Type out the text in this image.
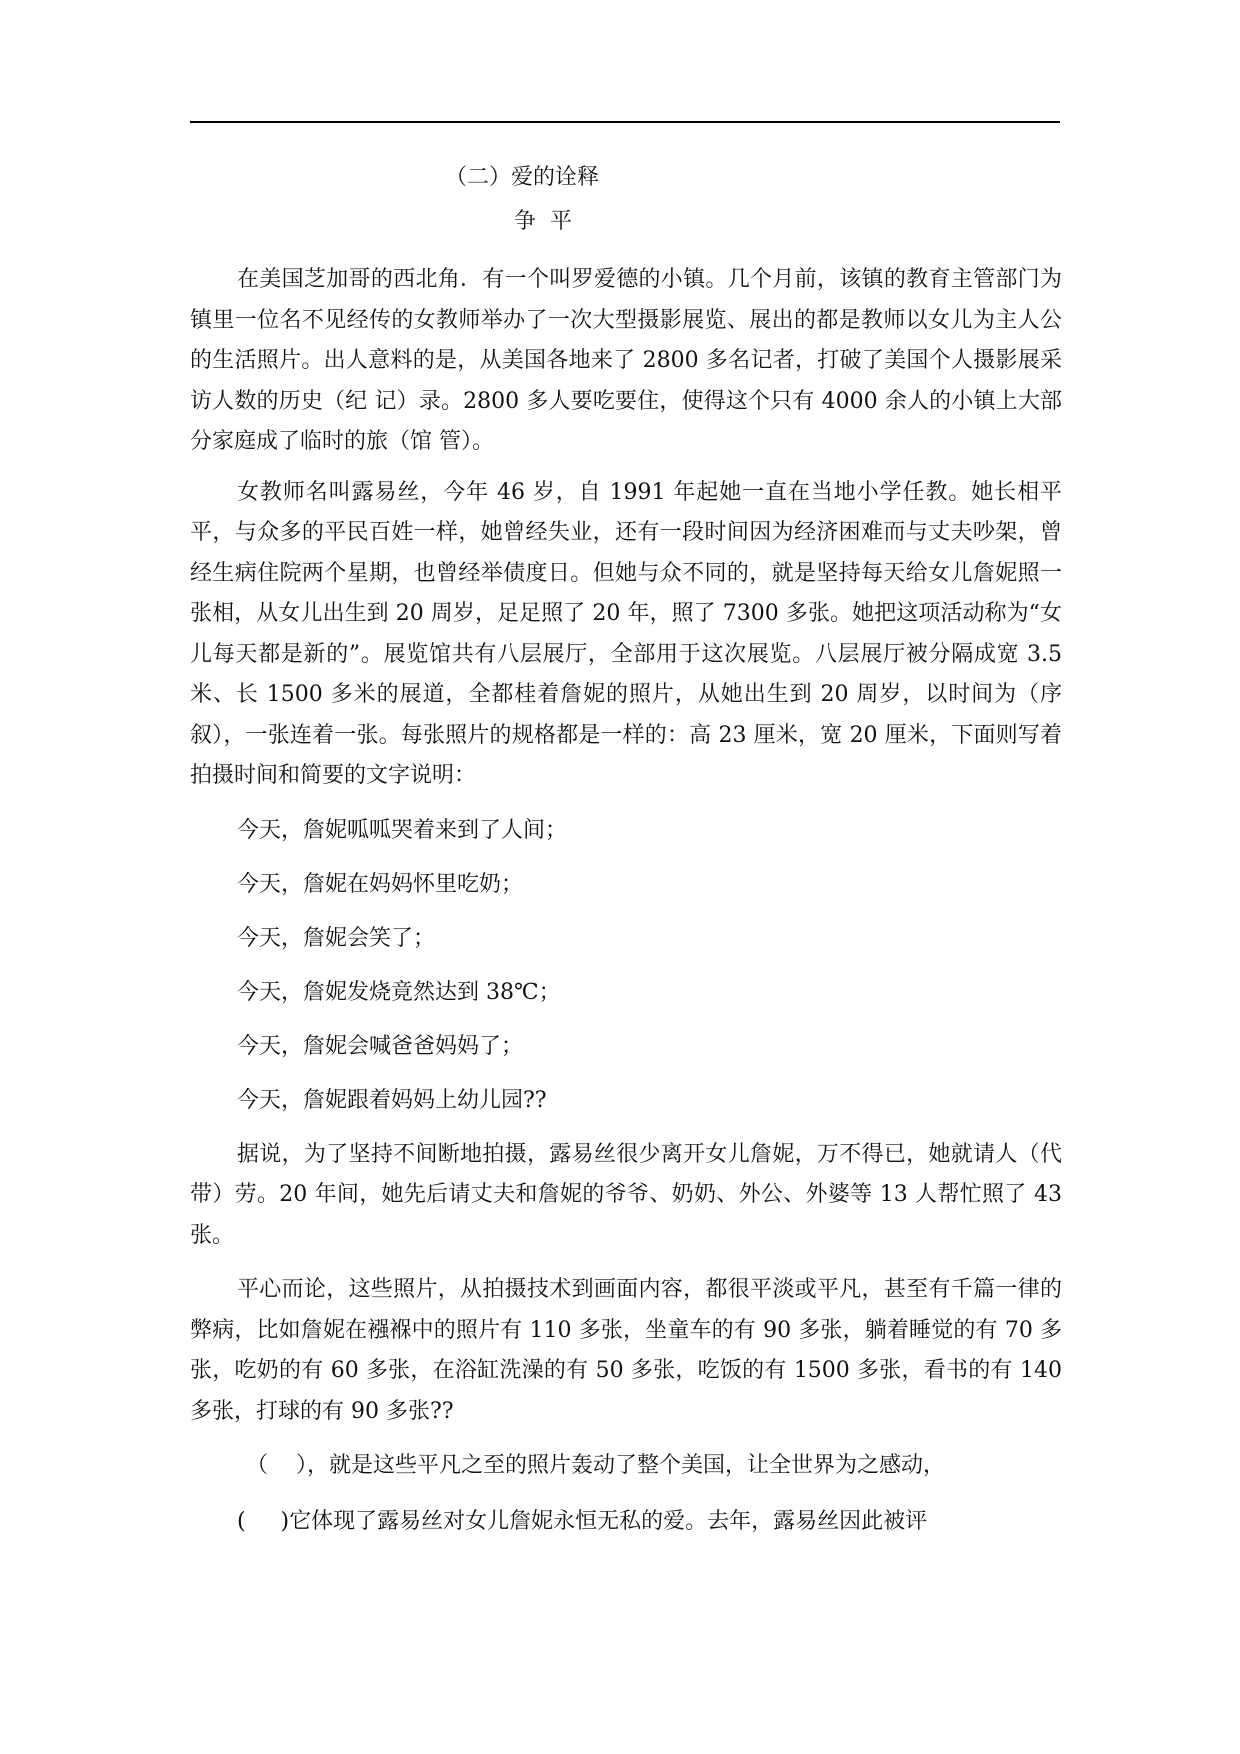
（二）爱的诠释

争平

在美国芝加哥的西北角．有一个叫罗爱德的小镇。几个月前，该镇的教育主管部门为镇里一位名不见经传的女教师举办了一次大型摄影展览、展出的都是教师以女儿为主人公的生活照片。出人意料的是，从美国各地来了 2800 多名记者，打破了美国个人摄影展采访人数的历史（纪 记）录。2800 多人要吃要住，使得这个只有 4000 余人的小镇上大部分家庭成了临时的旅（馆 管）。

女教师名叫露易丝，今年 46 岁，自 1991 年起她一直在当地小学任教。她长相平平，与众多的平民百姓一样，她曾经失业，还有一段时间因为经济困难而与丈夫吵架，曾经生病住院两个星期，也曾经举债度日。但她与众不同的，就是坚持每天给女儿詹妮照一张相，从女儿出生到 20 周岁，足足照了 20 年，照了 7300 多张。她把这项活动称为“女儿每天都是新的”。展览馆共有八层展厅，全部用于这次展览。八层展厅被分隔成宽 3.5 米、长 1500 多米的展道，全都桂着詹妮的照片，从她出生到 20 周岁，以时间为（序 叙），一张连着一张。每张照片的规格都是一样的：高 23 厘米，宽 20 厘米，下面则写着拍摄时间和简要的文字说明：

今天，詹妮呱呱哭着来到了人间；

今天，詹妮在妈妈怀里吃奶；

今天，詹妮会笑了；

今天，詹妮发烧竟然达到 38℃；

今天，詹妮会喊爸爸妈妈了；

今天，詹妮跟着妈妈上幼儿园??

据说，为了坚持不间断地拍摄，露易丝很少离开女儿詹妮，万不得已，她就请人（代 带）劳。20 年间，她先后请丈夫和詹妮的爷爷、奶奶、外公、外婆等 13 人帮忙照了 43 张。

平心而论，这些照片，从拍摄技术到画面内容，都很平淡或平凡，甚至有千篇一律的弊病，比如詹妮在襁褓中的照片有 110 多张，坐童车的有 90 多张，躺着睡觉的有 70 多张，吃奶的有 60 多张，在浴缸洗澡的有 50 多张，吃饭的有 1500 多张，看书的有 140 多张，打球的有 90 多张??

（    ），就是这些平凡之至的照片轰动了整个美国，让全世界为之感动，

(     )它体现了露易丝对女儿詹妮永恒无私的爱。去年，露易丝因此被评
